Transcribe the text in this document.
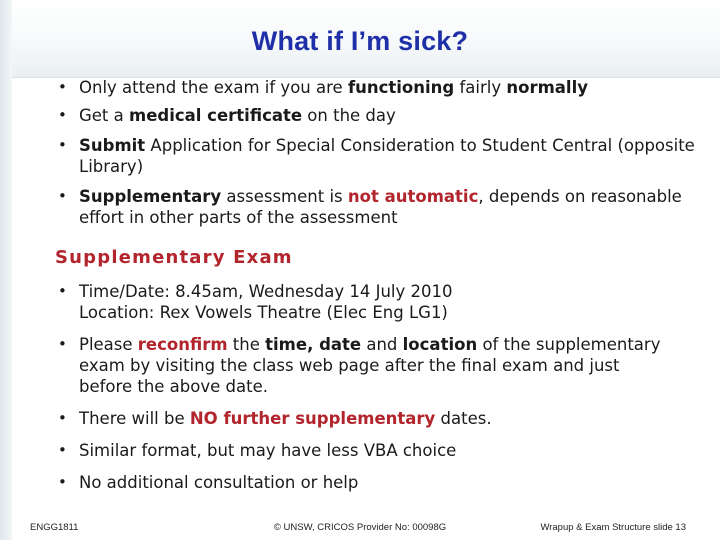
What if I’m sick?
• Only attend the exam if you are functioning fairly normally
• Get a medical certificate on the day
• Submit Application for Special Consideration to Student Central (opposite Library)
• Supplementary assessment is not automatic, depends on reasonable effort in other parts of the assessment
Supplementary Exam
• Time/Date: 8.45am, Wednesday 14 July 2010
Location: Rex Vowels Theatre (Elec Eng LG1)
• Please reconfirm the time, date and location of the supplementary exam by visiting the class web page after the final exam and just before the above date.
• There will be NO further supplementary dates.
• Similar format, but may have less VBA choice
• No additional consultation or help
ENGG1811	© UNSW, CRICOS Provider No: 00098G	Wrapup & Exam Structure slide 13
